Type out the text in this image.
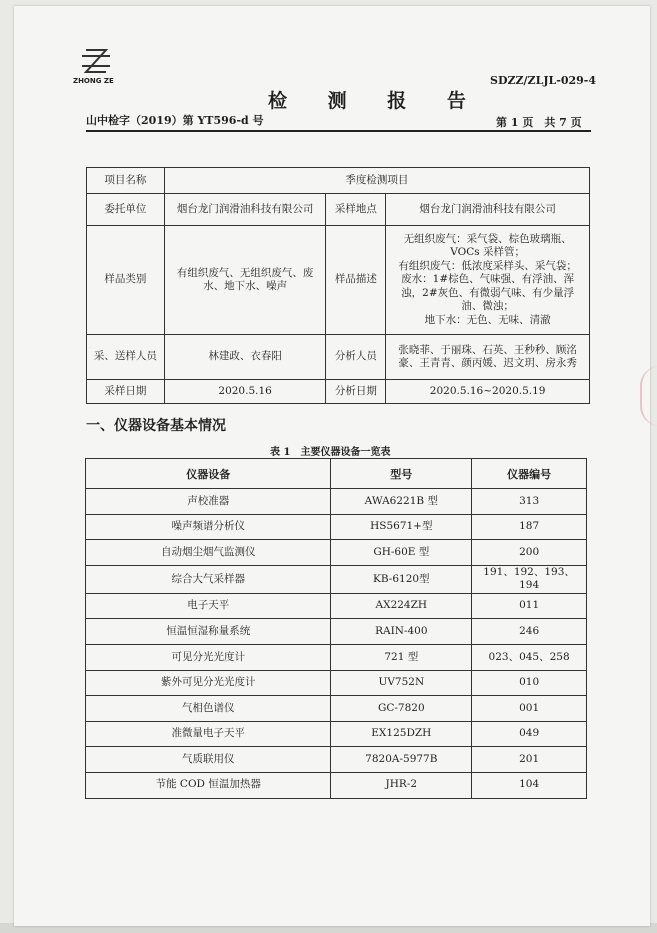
ZHONG ZE	SDZZ/ZLJL-029-4
检 测 报 告
山中检字（2019）第 YT596-d 号	第 1 页　共 7 页
项目名称	季度检测项目		
委托单位	烟台龙门润滑油科技有限公司	采样地点	烟台龙门润滑油科技有限公司
样品类别	有组织废气、无组织废气、废水、地下水、噪声	样品描述	无组织废气：采气袋、棕色玻璃瓶、VOCs 采样管；
有组织废气：低浓度采样头、采气袋；
废水：1#棕色、气味强、有浮油、浑浊，2#灰色、有微弱气味、有少量浮油、微浊；
地下水：无色、无味、清澈

采、送样人员	林建政、衣春阳	分析人员	张晓菲、于丽珠、石英、王秒秒、顾洺豪、王青青、颜丙媛、迟文玥、房永秀
采样日期	2020.5.16	分析日期	2020.5.16~2020.5.19
一、仪器设备基本情况
表 1　主要仪器设备一览表
仪器设备	型号	仪器编号
声校准器	AWA6221B 型	313
噪声频谱分析仪	HS5671+型	187
自动烟尘烟气监测仪	GH-60E 型	200
综合大气采样器	KB-6120型	191、192、193、194
电子天平	AX224ZH	011
恒温恒湿称量系统	RAIN-400	246
可见分光光度计	721 型	023、045、258
紫外可见分光光度计	UV752N	010
气相色谱仪	GC-7820	001
准微量电子天平	EX125DZH	049
气质联用仪	7820A-5977B	201
节能 COD 恒温加热器	JHR-2	104
